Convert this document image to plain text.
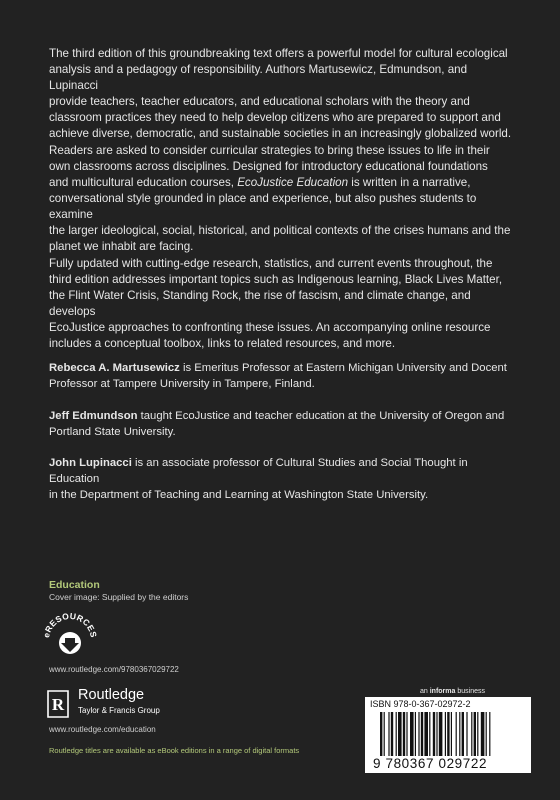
The third edition of this groundbreaking text offers a powerful model for cultural ecological
analysis and a pedagogy of responsibility. Authors Martusewicz, Edmundson, and Lupinacci
provide teachers, teacher educators, and educational scholars with the theory and
classroom practices they need to help develop citizens who are prepared to support and
achieve diverse, democratic, and sustainable societies in an increasingly globalized world.
Readers are asked to consider curricular strategies to bring these issues to life in their
own classrooms across disciplines. Designed for introductory educational foundations
and multicultural education courses, EcoJustice Education is written in a narrative,
conversational style grounded in place and experience, but also pushes students to examine
the larger ideological, social, historical, and political contexts of the crises humans and the
planet we inhabit are facing.
Fully updated with cutting-edge research, statistics, and current events throughout, the
third edition addresses important topics such as Indigenous learning, Black Lives Matter,
the Flint Water Crisis, Standing Rock, the rise of fascism, and climate change, and develops
EcoJustice approaches to confronting these issues. An accompanying online resource
includes a conceptual toolbox, links to related resources, and more.
Rebecca A. Martusewicz is Emeritus Professor at Eastern Michigan University and Docent
Professor at Tampere University in Tampere, Finland.
Jeff Edmundson taught EcoJustice and teacher education at the University of Oregon and
Portland State University.
John Lupinacci is an associate professor of Cultural Studies and Social Thought in Education
in the Department of Teaching and Learning at Washington State University.
Education
Cover image: Supplied by the editors
eRESOURCES
www.routledge.com/9780367029722
R Routledge
Taylor & Francis Group
www.routledge.com/education
Routledge titles are available as eBook editions in a range of digital formats
an informa business
ISBN 978-0-367-02972-2
9 780367 029722
